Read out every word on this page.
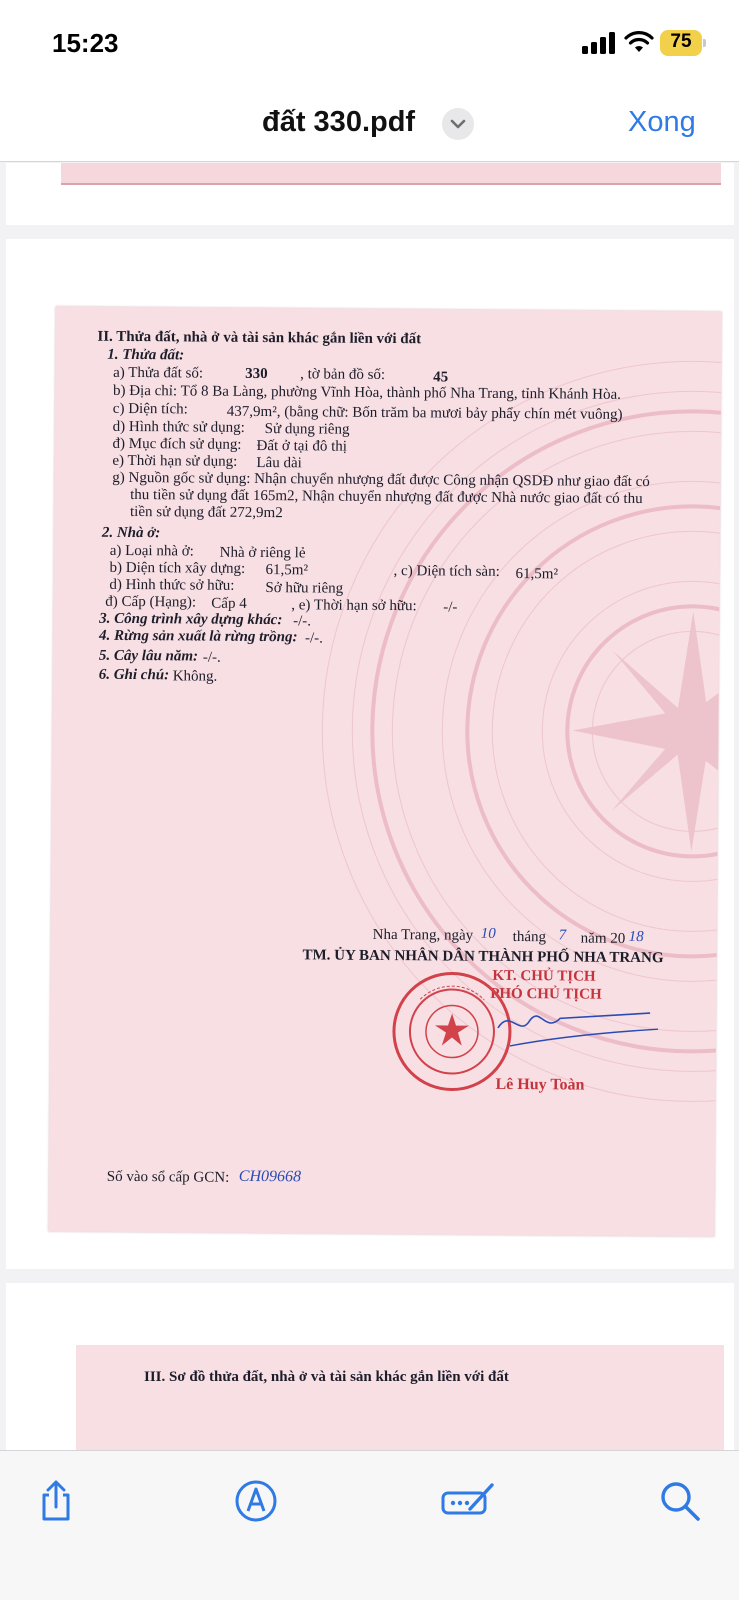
15:23	75
đất 330.pdf	Xong
II. Thửa đất, nhà ở và tài sản khác gắn liền với đất
1. Thửa đất:
a) Thửa đất số:	330 , tờ bản đồ số:	45
b) Địa chỉ: Tổ 8 Ba Làng, phường Vĩnh Hòa, thành phố Nha Trang, tỉnh Khánh Hòa.
c) Diện tích:	437,9m², (bằng chữ: Bốn trăm ba mươi bảy phẩy chín mét vuông)
d) Hình thức sử dụng: Sử dụng riêng
đ) Mục đích sử dụng: Đất ở tại đô thị
e) Thời hạn sử dụng: Lâu dài
g) Nguồn gốc sử dụng: Nhận chuyển nhượng đất được Công nhận QSDĐ như giao đất có
thu tiền sử dụng đất 165m2, Nhận chuyển nhượng đất được Nhà nước giao đất có thu
tiền sử dụng đất 272,9m2
2. Nhà ở:
a) Loại nhà ở: Nhà ở riêng lẻ
b) Diện tích xây dựng: 61,5m²	, c) Diện tích sàn: 61,5m²
d) Hình thức sở hữu: Sở hữu riêng
đ) Cấp (Hạng): Cấp 4	, e) Thời hạn sở hữu: -/-
3. Công trình xây dựng khác: -/-.
4. Rừng sản xuất là rừng trồng: -/-.
5. Cây lâu năm: -/-.
6. Ghi chú: Không.
Nha Trang, ngày 10 tháng 7 năm 20 18
TM. ỦY BAN NHÂN DÂN THÀNH PHỐ NHA TRANG
KT. CHỦ TỊCH
PHÓ CHỦ TỊCH
Lê Huy Toàn
Số vào sổ cấp GCN: CH09668
III. Sơ đồ thửa đất, nhà ở và tài sản khác gắn liền với đất
